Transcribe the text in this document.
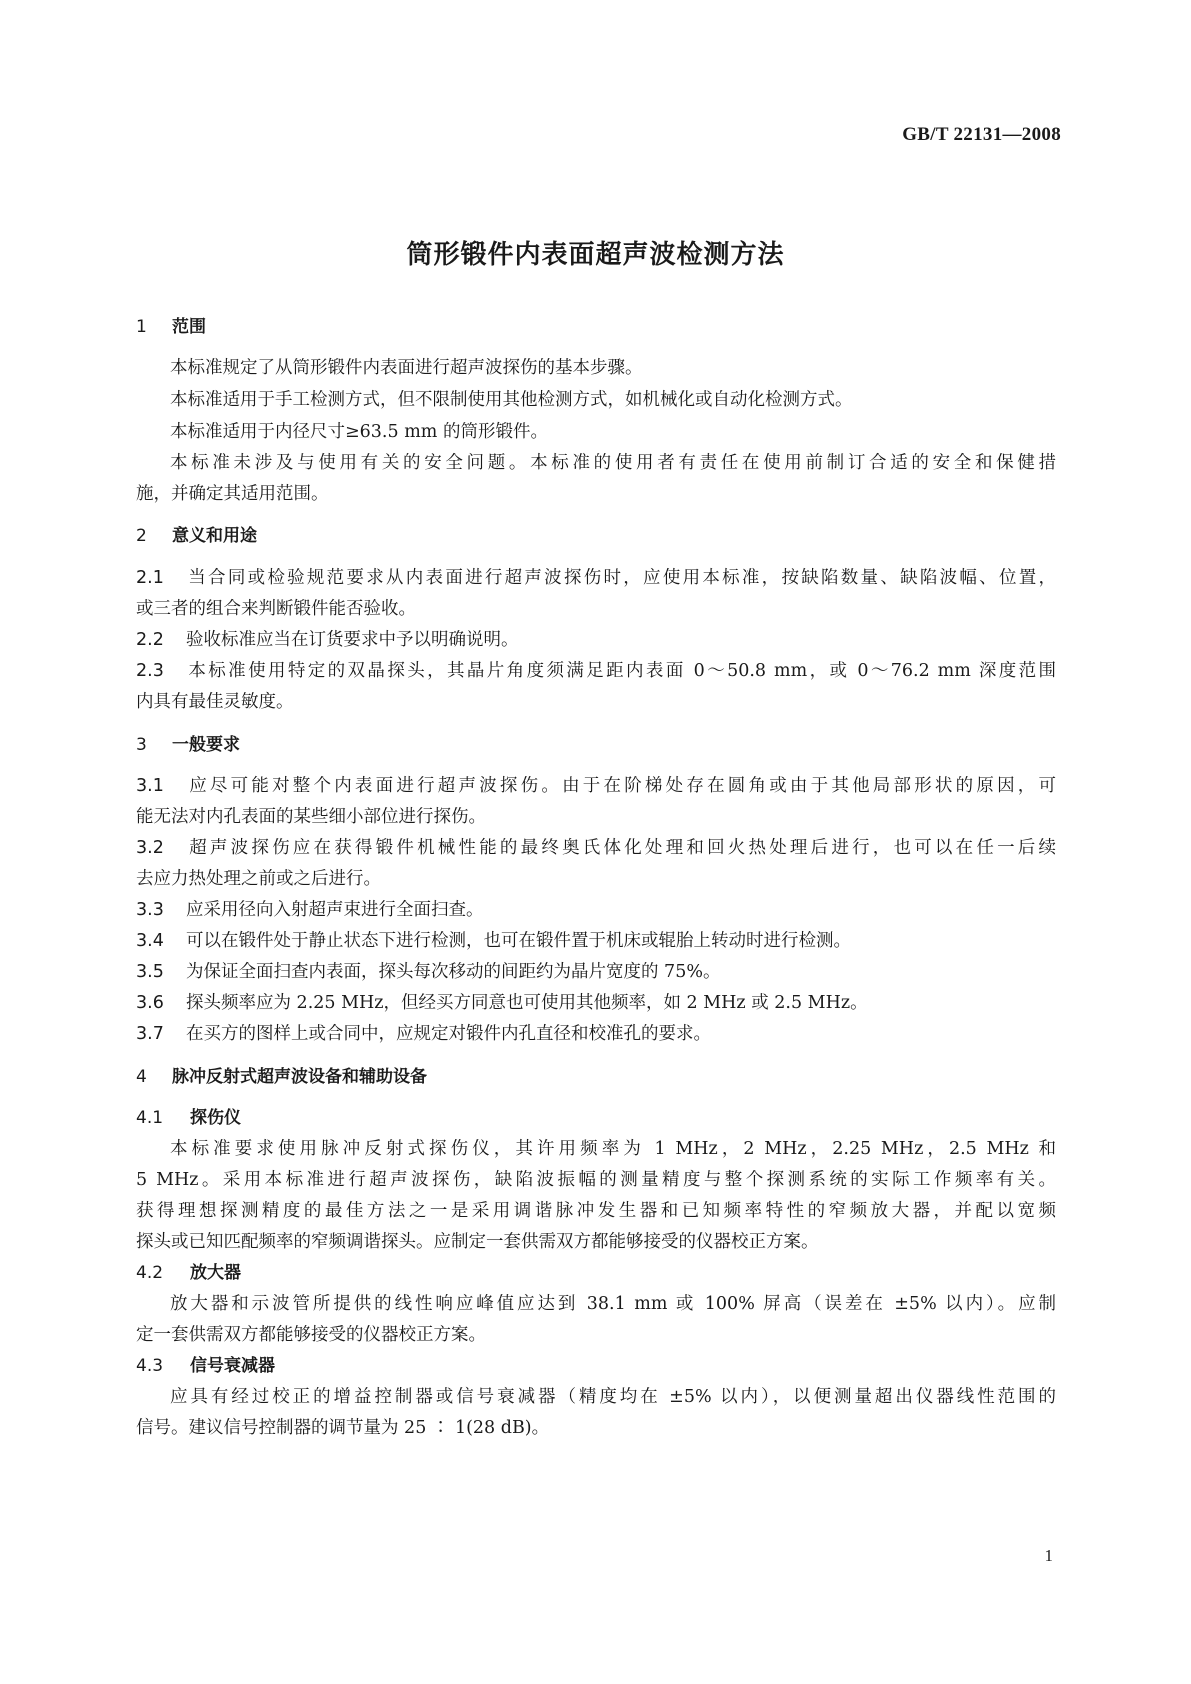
GB/T 22131—2008
筒形锻件内表面超声波检测方法
1 范围
本标准规定了从筒形锻件内表面进行超声波探伤的基本步骤。
本标准适用于手工检测方式，但不限制使用其他检测方式，如机械化或自动化检测方式。
本标准适用于内径尺寸≥63.5 mm 的筒形锻件。
本标准未涉及与使用有关的安全问题。本标准的使用者有责任在使用前制订合适的安全和保健措
施，并确定其适用范围。
2 意义和用途
2.1 当合同或检验规范要求从内表面进行超声波探伤时，应使用本标准，按缺陷数量、缺陷波幅、位置，
或三者的组合来判断锻件能否验收。
2.2 验收标准应当在订货要求中予以明确说明。
2.3 本标准使用特定的双晶探头，其晶片角度须满足距内表面 0～50.8 mm，或 0～76.2 mm 深度范围
内具有最佳灵敏度。
3 一般要求
3.1 应尽可能对整个内表面进行超声波探伤。由于在阶梯处存在圆角或由于其他局部形状的原因，可
能无法对内孔表面的某些细小部位进行探伤。
3.2 超声波探伤应在获得锻件机械性能的最终奥氏体化处理和回火热处理后进行，也可以在任一后续
去应力热处理之前或之后进行。
3.3 应采用径向入射超声束进行全面扫查。
3.4 可以在锻件处于静止状态下进行检测，也可在锻件置于机床或辊胎上转动时进行检测。
3.5 为保证全面扫查内表面，探头每次移动的间距约为晶片宽度的 75%。
3.6 探头频率应为 2.25 MHz，但经买方同意也可使用其他频率，如 2 MHz 或 2.5 MHz。
3.7 在买方的图样上或合同中，应规定对锻件内孔直径和校准孔的要求。
4 脉冲反射式超声波设备和辅助设备
4.1 探伤仪
本标准要求使用脉冲反射式探伤仪，其许用频率为 1 MHz，2 MHz，2.25 MHz，2.5 MHz 和
5 MHz。采用本标准进行超声波探伤，缺陷波振幅的测量精度与整个探测系统的实际工作频率有关。
获得理想探测精度的最佳方法之一是采用调谐脉冲发生器和已知频率特性的窄频放大器，并配以宽频
探头或已知匹配频率的窄频调谐探头。应制定一套供需双方都能够接受的仪器校正方案。
4.2 放大器
放大器和示波管所提供的线性响应峰值应达到 38.1 mm 或 100% 屏高（误差在 ±5% 以内）。应制
定一套供需双方都能够接受的仪器校正方案。
4.3 信号衰减器
应具有经过校正的增益控制器或信号衰减器（精度均在 ±5% 以内），以便测量超出仪器线性范围的
信号。建议信号控制器的调节量为 25 ∶ 1(28 dB)。
1
